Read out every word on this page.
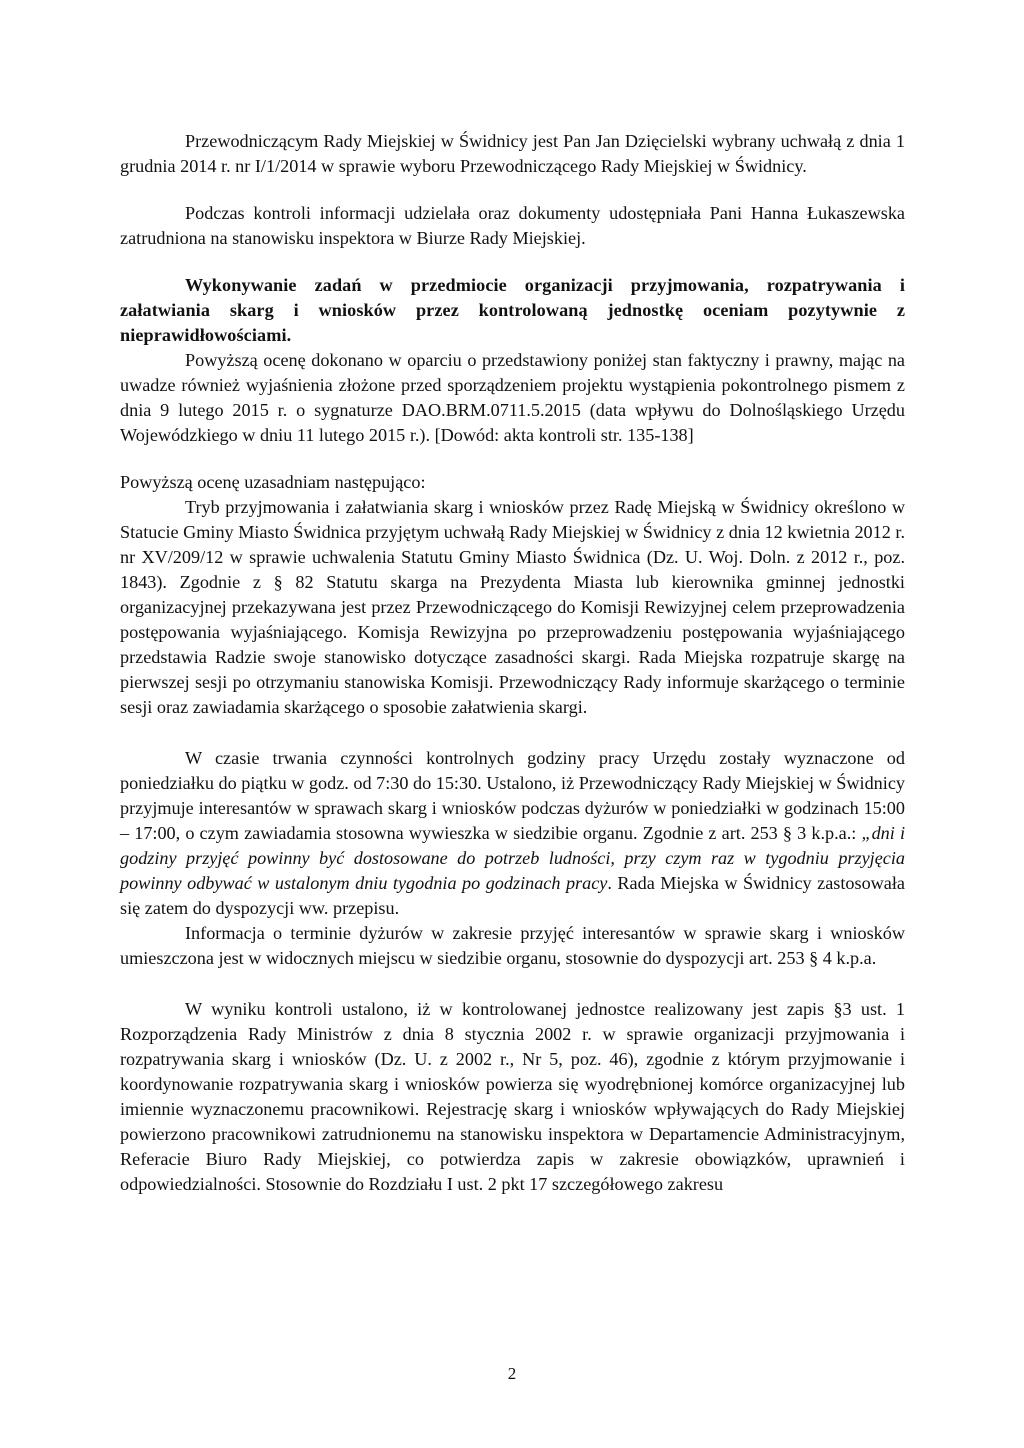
Przewodniczącym Rady Miejskiej w Świdnicy jest Pan Jan Dzięcielski wybrany uchwałą z dnia 1 grudnia 2014 r. nr I/1/2014 w sprawie wyboru Przewodniczącego Rady Miejskiej w Świdnicy.

Podczas kontroli informacji udzielała oraz dokumenty udostępniała Pani Hanna Łukaszewska zatrudniona na stanowisku inspektora w Biurze Rady Miejskiej.

Wykonywanie zadań w przedmiocie organizacji przyjmowania, rozpatrywania i załatwiania skarg i wniosków przez kontrolowaną jednostkę oceniam pozytywnie z nieprawidłowościami.

Powyższą ocenę dokonano w oparciu o przedstawiony poniżej stan faktyczny i prawny, mając na uwadze również wyjaśnienia złożone przed sporządzeniem projektu wystąpienia pokontrolnego pismem z dnia 9 lutego 2015 r. o sygnaturze DAO.BRM.0711.5.2015 (data wpływu do Dolnośląskiego Urzędu Wojewódzkiego w dniu 11 lutego 2015 r.). [Dowód: akta kontroli str. 135-138]

Powyższą ocenę uzasadniam następująco:

Tryb przyjmowania i załatwiania skarg i wniosków przez Radę Miejską w Świdnicy określono w Statucie Gminy Miasto Świdnica przyjętym uchwałą Rady Miejskiej w Świdnicy z dnia 12 kwietnia 2012 r. nr XV/209/12 w sprawie uchwalenia Statutu Gminy Miasto Świdnica (Dz. U. Woj. Doln. z 2012 r., poz. 1843). Zgodnie z § 82 Statutu skarga na Prezydenta Miasta lub kierownika gminnej jednostki organizacyjnej przekazywana jest przez Przewodniczącego do Komisji Rewizyjnej celem przeprowadzenia postępowania wyjaśniającego. Komisja Rewizyjna po przeprowadzeniu postępowania wyjaśniającego przedstawia Radzie swoje stanowisko dotyczące zasadności skargi. Rada Miejska rozpatruje skargę na pierwszej sesji po otrzymaniu stanowiska Komisji. Przewodniczący Rady informuje skarżącego o terminie sesji oraz zawiadamia skarżącego o sposobie załatwienia skargi.

W czasie trwania czynności kontrolnych godziny pracy Urzędu zostały wyznaczone od poniedziałku do piątku w godz. od 7:30 do 15:30. Ustalono, iż Przewodniczący Rady Miejskiej w Świdnicy przyjmuje interesantów w sprawach skarg i wniosków podczas dyżurów w poniedziałki w godzinach 15:00 – 17:00, o czym zawiadamia stosowna wywieszka w siedzibie organu. Zgodnie z art. 253 § 3 k.p.a.: „dni i godziny przyjęć powinny być dostosowane do potrzeb ludności, przy czym raz w tygodniu przyjęcia powinny odbywać w ustalonym dniu tygodnia po godzinach pracy. Rada Miejska w Świdnicy zastosowała się zatem do dyspozycji ww. przepisu.

Informacja o terminie dyżurów w zakresie przyjęć interesantów w sprawie skarg i wniosków umieszczona jest w widocznych miejscu w siedzibie organu, stosownie do dyspozycji art. 253 § 4 k.p.a.

W wyniku kontroli ustalono, iż w kontrolowanej jednostce realizowany jest zapis §3 ust. 1 Rozporządzenia Rady Ministrów z dnia 8 stycznia 2002 r. w sprawie organizacji przyjmowania i rozpatrywania skarg i wniosków (Dz. U. z 2002 r., Nr 5, poz. 46), zgodnie z którym przyjmowanie i koordynowanie rozpatrywania skarg i wniosków powierza się wyodrębnionej komórce organizacyjnej lub imiennie wyznaczonemu pracownikowi. Rejestrację skarg i wniosków wpływających do Rady Miejskiej powierzono pracownikowi zatrudnionemu na stanowisku inspektora w Departamencie Administracyjnym, Referacie Biuro Rady Miejskiej, co potwierdza zapis w zakresie obowiązków, uprawnień i odpowiedzialności. Stosownie do Rozdziału I ust. 2 pkt 17 szczegółowego zakresu

2
